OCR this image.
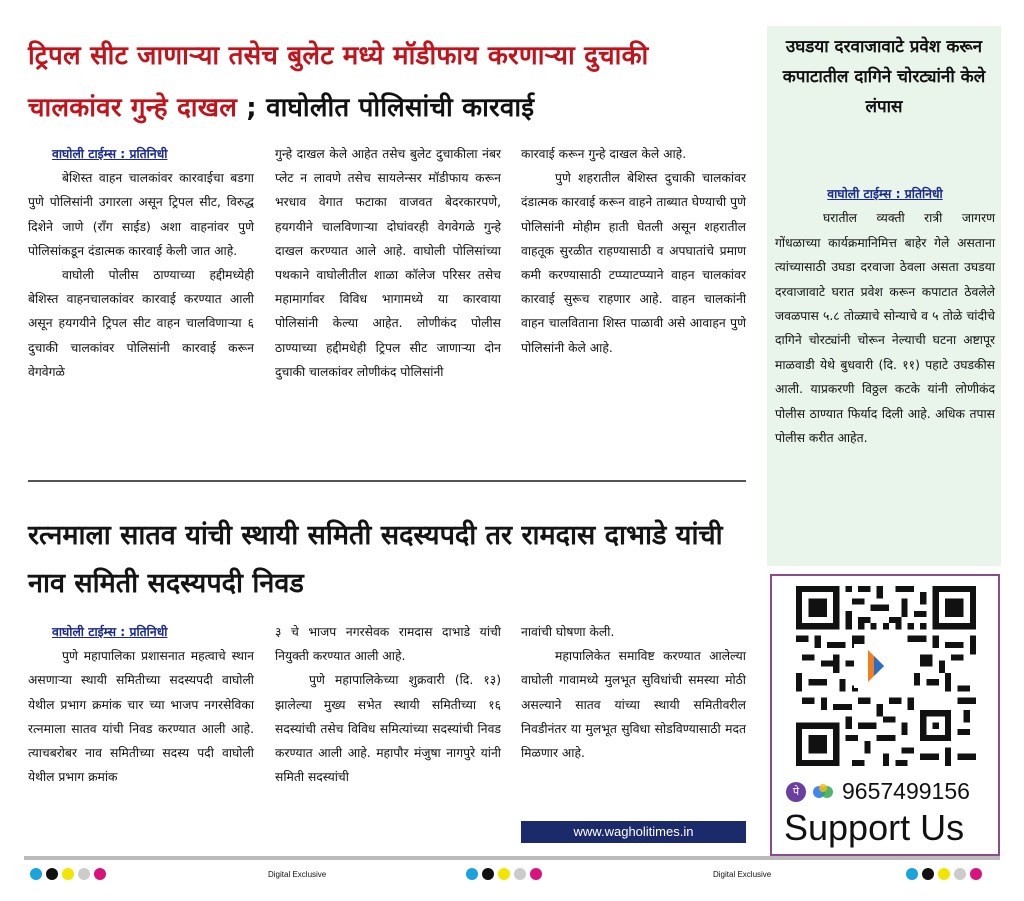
ट्रिपल सीट जाणाऱ्या तसेच बुलेट मध्ये मॉडीफाय करणाऱ्या दुचाकी चालकांवर गुन्हे दाखल ; वाघोलीत पोलिसांची कारवाई
वाघोली टाईम्स : प्रतिनिधी

बेशिस्त वाहन चालकांवर कारवाईचा बडगा पुणे पोलिसांनी उगारला असून ट्रिपल सीट, विरुद्ध दिशेने जाणे (रॉंग साईड) अशा वाहनांवर पुणे पोलिसांकडून दंडात्मक कारवाई केली जात आहे.

वाघोली पोलीस ठाण्याच्या हद्दीमध्येही बेशिस्त वाहनचालकांवर कारवाई करण्यात आली असून हयगयीने ट्रिपल सीट वाहन चालविणाऱ्या ६ दुचाकी चालकांवर पोलिसांनी कारवाई करून वेगवेगळे

गुन्हे दाखल केले आहेत तसेच बुलेट दुचाकीला नंबर प्लेट न लावणे तसेच सायलेन्सर मॉडीफाय करून भरधाव वेगात फटाका वाजवत बेदरकारपणे, हयगयीने चालविणाऱ्या दोघांवरही वेगवेगळे गुन्हे दाखल करण्यात आले आहे. वाघोली पोलिसांच्या पथकाने वाघोलीतील शाळा कॉलेज परिसर तसेच महामार्गावर विविध भागामध्ये या कारवाया पोलिसांनी केल्या आहेत. लोणीकंद पोलीस ठाण्याच्या हद्दीमधेही ट्रिपल सीट जाणाऱ्या दोन दुचाकी चालकांवर लोणीकंद पोलिसांनी

कारवाई करून गुन्हे दाखल केले आहे.

पुणे शहरातील बेशिस्त दुचाकी चालकांवर दंडात्मक कारवाई करून वाहने ताब्यात घेण्याची पुणे पोलिसांनी मोहीम हाती घेतली असून शहरातील वाहतूक सुरळीत राहण्यासाठी व अपघातांचे प्रमाण कमी करण्यासाठी टप्प्याटप्प्याने वाहन चालकांवर कारवाई सुरूच राहणार आहे. वाहन चालकांनी वाहन चालविताना शिस्त पाळावी असे आवाहन पुणे पोलिसांनी केले आहे.

रत्नमाला सातव यांची स्थायी समिती सदस्यपदी तर रामदास दाभाडे यांची नाव समिती सदस्यपदी निवड
वाघोली टाईम्स : प्रतिनिधी

पुणे महापालिका प्रशासनात महत्वाचे स्थान असणाऱ्या स्थायी समितीच्या सदस्यपदी वाघोली येथील प्रभाग क्रमांक चार च्या भाजप नगरसेविका रत्नमाला सातव यांची निवड करण्यात आली आहे. त्याचबरोबर नाव समितीच्या सदस्य पदी वाघोली येथील प्रभाग क्रमांक

३ चे भाजप नगरसेवक रामदास दाभाडे यांची नियुक्ती करण्यात आली आहे.

पुणे महापालिकेच्या शुक्रवारी (दि. १३) झालेल्या मुख्य सभेत स्थायी समितीच्या १६ सदस्यांची तसेच विविध समित्यांच्या सदस्यांची निवड करण्यात आली आहे. महापौर मंजुषा नागपुरे यांनी समिती सदस्यांची

नावांची घोषणा केली.

महापालिकेत समाविष्ट करण्यात आलेल्या वाघोली गावामध्ये मुलभूत सुविधांची समस्या मोठी असल्याने सातव यांच्या स्थायी समितीवरील निवडीनंतर या मुलभूत सुविधा सोडविण्यासाठी मदत मिळणार आहे.

www.wagholitimes.in
उघडया दरवाजावाटे प्रवेश करून कपाटातील दागिने चोरट्यांनी केले लंपास
वाघोली टाईम्स : प्रतिनिधी

घरातील व्यक्ती रात्री जागरण गोंधळाच्या कार्यक्रमानिमित्त बाहेर गेले असताना त्यांच्यासाठी उघडा दरवाजा ठेवला असता उघडया दरवाजावाटे घरात प्रवेश करून कपाटात ठेवलेले जवळपास ५.८ तोळ्याचे सोन्याचे व ५ तोळे चांदीचे दागिने चोरट्यांनी चोरून नेल्याची घटना अष्टापूर माळवाडी येथे बुधवारी (दि. ११) पहाटे उघडकीस आली. याप्रकरणी विठ्ठल कटके यांनी लोणीकंद पोलीस ठाण्यात फिर्याद दिली आहे. अधिक तपास पोलीस करीत आहेत.

पे 9657499156
Support Us
Digital Exclusive	Digital Exclusive
